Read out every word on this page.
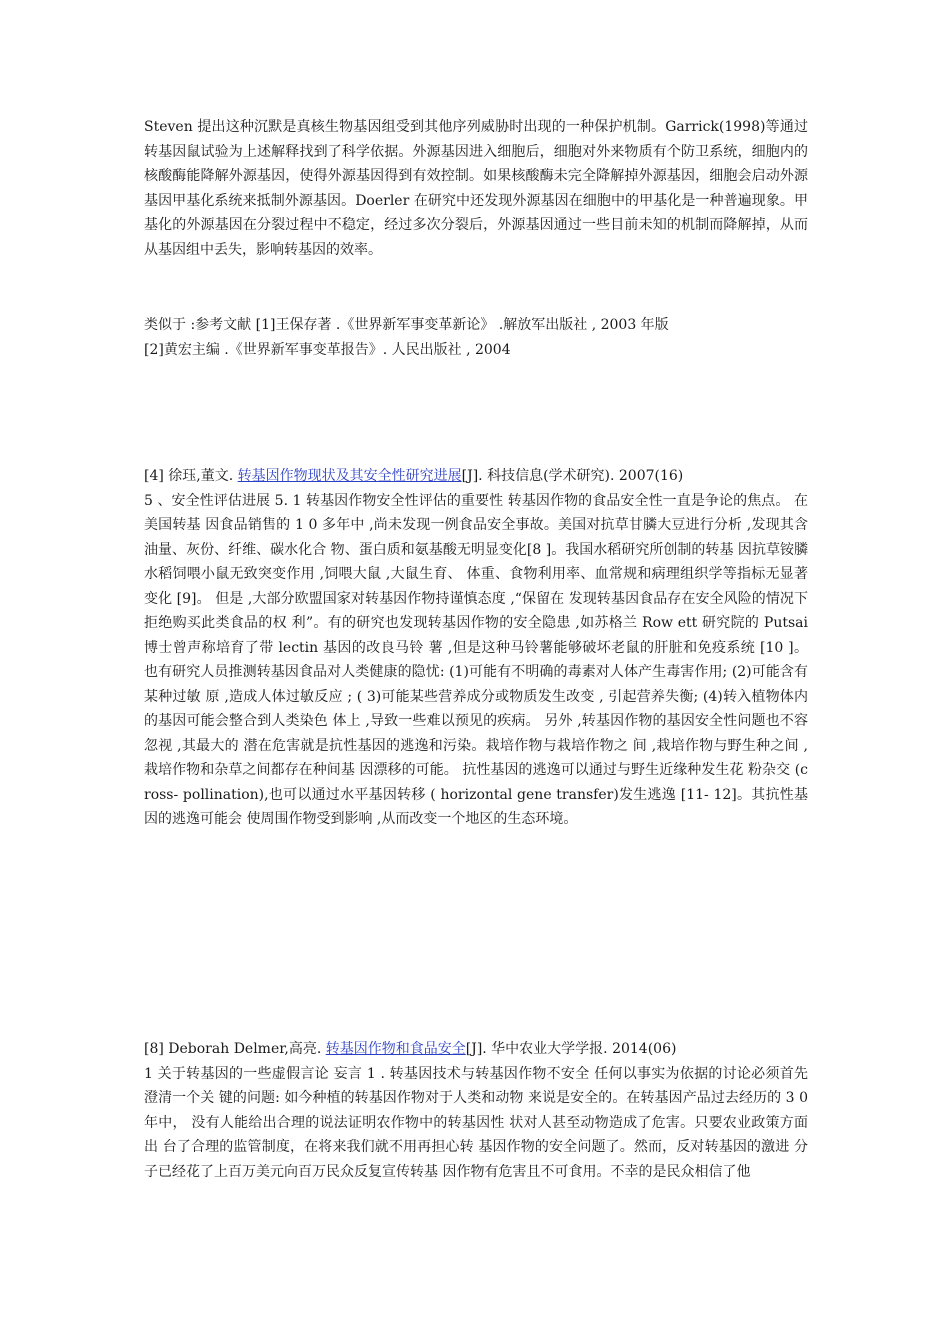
Steven 提出这种沉默是真核生物基因组受到其他序列威胁时出现的一种保护机制。Garrick(1998)等通过转基因鼠试验为上述解释找到了科学依据。外源基因进入细胞后，细胞对外来物质有个防卫系统，细胞内的核酸酶能降解外源基因，使得外源基因得到有效控制。如果核酸酶未完全降解掉外源基因，细胞会启动外源基因甲基化系统来抵制外源基因。Doerler 在研究中还发现外源基因在细胞中的甲基化是一种普遍现象。甲基化的外源基因在分裂过程中不稳定，经过多次分裂后，外源基因通过一些目前未知的机制而降解掉，从而从基因组中丢失，影响转基因的效率。

类似于 :参考文献 [1]王保存著 .《世界新军事变革新论》 .解放军出版社 , 2003 年版

[2]黄宏主编 .《世界新军事变革报告》. 人民出版社 , 2004

[4] 徐珏,董文. 转基因作物现状及其安全性研究进展[J]. 科技信息(学术研究). 2007(16)

5 、安全性评估进展 5. 1 转基因作物安全性评估的重要性 转基因作物的食品安全性一直是争论的焦点。 在美国转基 因食品销售的 1 0 多年中 ,尚未发现一例食品安全事故。美国对抗草甘膦大豆进行分析 ,发现其含油量、灰份、纤维、碳水化合 物、蛋白质和氨基酸无明显变化[8 ]。我国水稻研究所创制的转基 因抗草铵膦水稻饲喂小鼠无致突变作用 ,饲喂大鼠 ,大鼠生育、 体重、食物利用率、血常规和病理组织学等指标无显著变化 [9]。 但是 ,大部分欧盟国家对转基因作物持谨慎态度 ,“保留在 发现转基因食品存在安全风险的情况下拒绝购买此类食品的权 利”。有的研究也发现转基因作物的安全隐患 ,如苏格兰 Row ett 研究院的 Putsai 博士曾声称培育了带 lectin 基因的改良马铃 薯 ,但是这种马铃薯能够破坏老鼠的肝脏和免疫系统 [10 ]。 也有研究人员推测转基因食品对人类健康的隐忧: (1)可能有不明确的毒素对人体产生毒害作用; (2)可能含有某种过敏 原 ,造成人体过敏反应 ; ( 3)可能某些营养成分或物质发生改变 , 引起营养失衡; (4)转入植物体内的基因可能会整合到人类染色 体上 ,导致一些难以预见的疾病。 另外 ,转基因作物的基因安全性问题也不容忽视 ,其最大的 潜在危害就是抗性基因的逃逸和污染。栽培作物与栽培作物之 间 ,栽培作物与野生种之间 ,栽培作物和杂草之间都存在种间基 因漂移的可能。 抗性基因的逃逸可以通过与野生近缘种发生花 粉杂交 (cross- pollination),也可以通过水平基因转移 ( horizontal gene transfer)发生逃逸 [11- 12]。其抗性基因的逃逸可能会 使周围作物受到影响 ,从而改变一个地区的生态环境。

[8] Deborah Delmer,高亮. 转基因作物和食品安全[J]. 华中农业大学学报. 2014(06)

1 关于转基因的一些虚假言论 妄言 1 . 转基因技术与转基因作物不安全 任何以事实为依据的讨论必须首先澄清一个关 键的问题: 如今种植的转基因作物对于人类和动物 来说是安全的。在转基因产品过去经历的 3 0 年中， 没有人能给出合理的说法证明农作物中的转基因性 状对人甚至动物造成了危害。只要农业政策方面出 台了合理的监管制度，在将来我们就不用再担心转 基因作物的安全问题了。然而，反对转基因的激进 分子已经花了上百万美元向百万民众反复宣传转基 因作物有危害且不可食用。不幸的是民众相信了他
